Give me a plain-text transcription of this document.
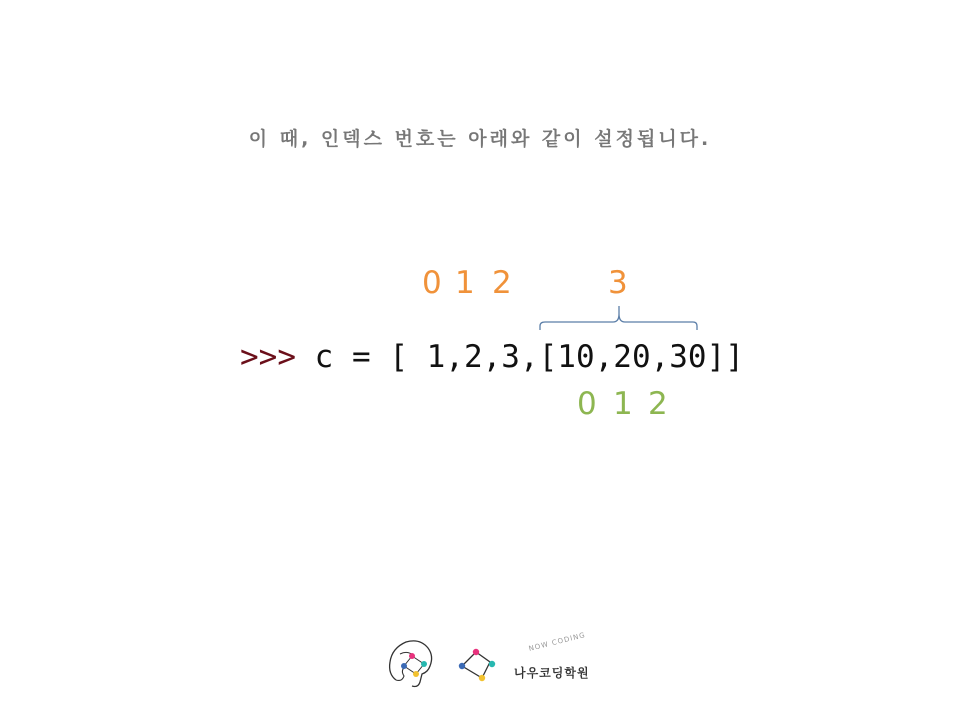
이 때, 인덱스 번호는 아래와 같이 설정됩니다.
0 1 2	3
>>> c = [ 1,2,3,[10,20,30]]
0 1 2
NOW CODING
나우코딩학원
